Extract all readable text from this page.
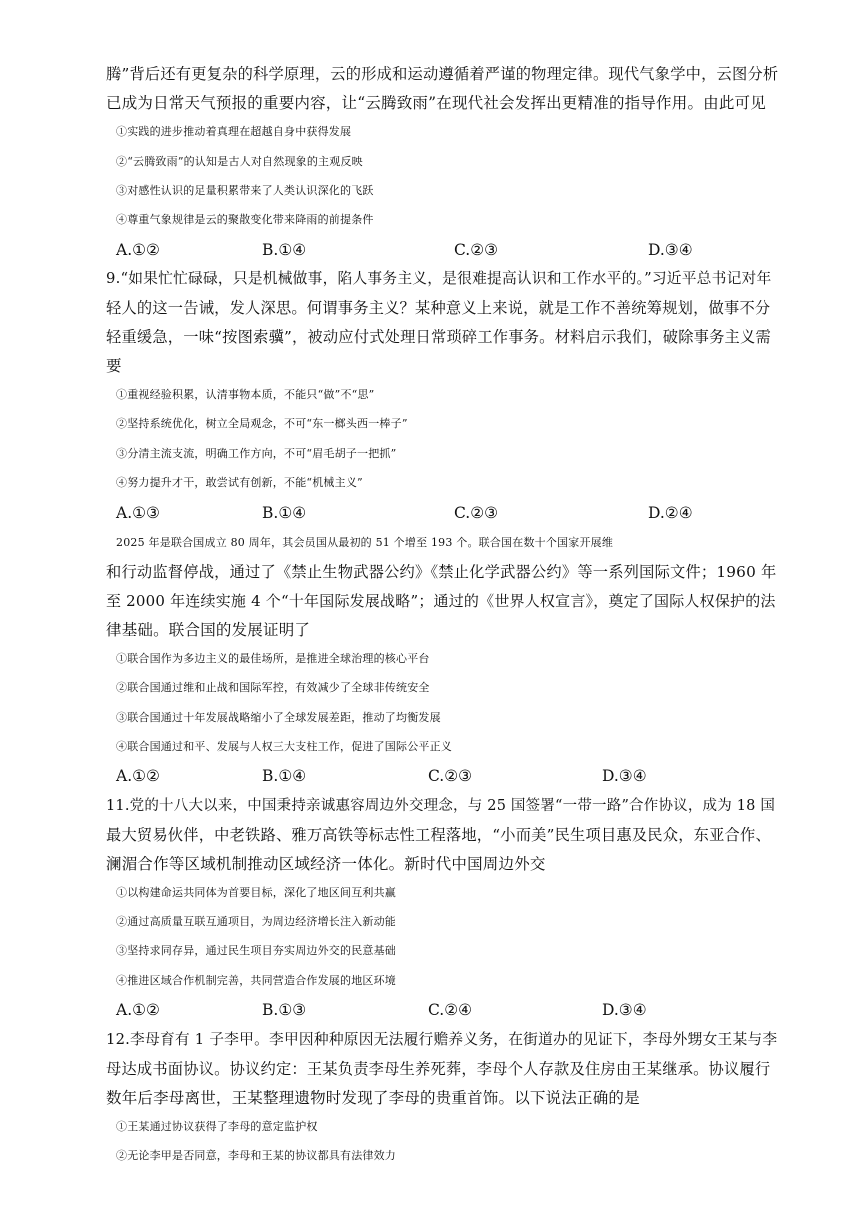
腾”背后还有更复杂的科学原理，云的形成和运动遵循着严谨的物理定律。现代气象学中，云图分析
已成为日常天气预报的重要内容，让“云腾致雨”在现代社会发挥出更精准的指导作用。由此可见
①实践的进步推动着真理在超越自身中获得发展
②“云腾致雨”的认知是古人对自然现象的主观反映
③对感性认识的足量积累带来了人类认识深化的飞跃
④尊重气象规律是云的聚散变化带来降雨的前提条件
A.①②	B.①④	C.②③	D.③④
9.“如果忙忙碌碌，只是机械做事，陷人事务主义，是很难提高认识和工作水平的。”习近平总书记对年
轻人的这一告诫，发人深思。何谓事务主义？某种意义上来说，就是工作不善统筹规划，做事不分
轻重缓急，一味“按图索骥”，被动应付式处理日常琐碎工作事务。材料启示我们，破除事务主义需
要
①重视经验积累，认清事物本质，不能只“做”不“思”
②坚持系统优化，树立全局观念，不可“东一榔头西一棒子”
③分清主流支流，明确工作方向，不可“眉毛胡子一把抓”
④努力提升才干，敢尝试有创新，不能“机械主义”
A.①③	B.①④	C.②③	D.②④
2025 年是联合国成立 80 周年，其会员国从最初的 51 个增至 193 个。联合国在数十个国家开展维
和行动监督停战，通过了《禁止生物武器公约》《禁止化学武器公约》等一系列国际文件；1960 年
至 2000 年连续实施 4 个“十年国际发展战略”；通过的《世界人权宣言》，奠定了国际人权保护的法
律基础。联合国的发展证明了
①联合国作为多边主义的最佳场所，是推进全球治理的核心平台
②联合国通过维和止战和国际军控，有效减少了全球非传统安全
③联合国通过十年发展战略缩小了全球发展差距，推动了均衡发展
④联合国通过和平、发展与人权三大支柱工作，促进了国际公平正义
A.①②	B.①④	C.②③	D.③④
11.党的十八大以来，中国秉持亲诚惠容周边外交理念，与 25 国签署“一带一路”合作协议，成为 18 国
最大贸易伙伴，中老铁路、雅万高铁等标志性工程落地，“小而美”民生项目惠及民众，东亚合作、
澜湄合作等区域机制推动区域经济一体化。新时代中国周边外交
①以构建命运共同体为首要目标，深化了地区间互利共赢
②通过高质量互联互通项目，为周边经济增长注入新动能
③坚持求同存异，通过民生项目夯实周边外交的民意基础
④推进区域合作机制完善，共同营造合作发展的地区环境
A.①②	B.①③	C.②④	D.③④
12.李母育有 1 子李甲。李甲因种种原因无法履行赡养义务，在街道办的见证下，李母外甥女王某与李
母达成书面协议。协议约定：王某负责李母生养死葬，李母个人存款及住房由王某继承。协议履行
数年后李母离世，王某整理遗物时发现了李母的贵重首饰。以下说法正确的是
①王某通过协议获得了李母的意定监护权
②无论李甲是否同意，李母和王某的协议都具有法律效力
